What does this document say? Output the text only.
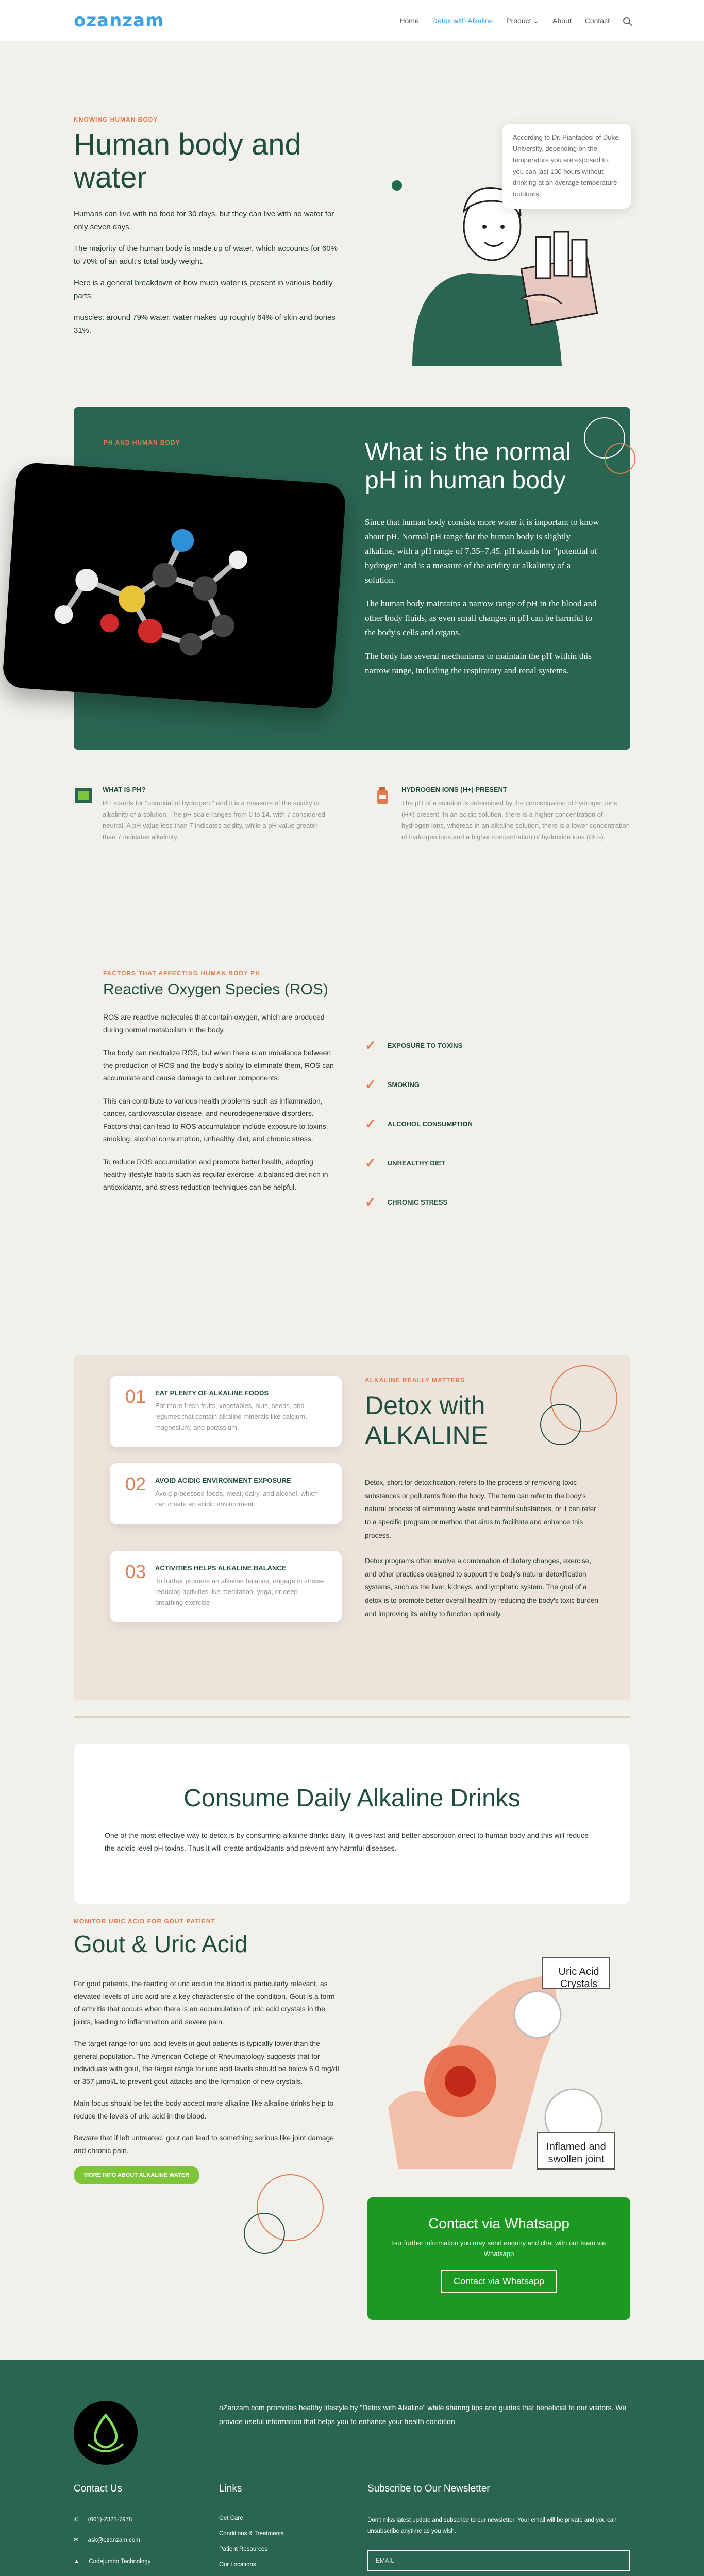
ozanzam	Home Detox with Alkaline Product ⌄ About Contact
KNOWING HUMAN BODY
Human body and water

Humans can live with no food for 30 days, but they can live with no water for only seven days.

The majority of the human body is made up of water, which accounts for 60% to 70% of an adult's total body weight.

Here is a general breakdown of how much water is present in various bodily parts:

muscles: around 79% water, water makes up roughly 64% of skin and bones 31%.

According to Dr. Piantadosi of Duke University, depending on the temperature you are exposed to, you can last 100 hours without drinking at an average temperature outdoors.
PH AND HUMAN BODY	What is the normal pH in human body

Since that human body consists more water it is important to know about pH. Normal pH range for the human body is slightly alkaline, with a pH range of 7.35–7.45. pH stands for "potential of hydrogen" and is a measure of the acidity or alkalinity of a solution.

The human body maintains a narrow range of pH in the blood and other body fluids, as even small changes in pH can be harmful to the body's cells and organs.

The body has several mechanisms to maintain the pH within this narrow range, including the respiratory and renal systems.

WHAT IS PH?

PH stands for "potential of hydrogen," and it is a measure of the acidity or alkalinity of a solution. The pH scale ranges from 0 to 14, with 7 considered neutral. A pH value less than 7 indicates acidity, while a pH value greater than 7 indicates alkalinity.

HYDROGEN IONS (H+) PRESENT

The pH of a solution is determined by the concentration of hydrogen ions (H+) present. In an acidic solution, there is a higher concentration of hydrogen ions, whereas in an alkaline solution, there is a lower concentration of hydrogen ions and a higher concentration of hydroxide ions (OH-).

FACTORS THAT AFFECTING HUMAN BODY PH
Reactive Oxygen Species (ROS)

ROS are reactive molecules that contain oxygen, which are produced during normal metabolism in the body.

The body can neutralize ROS, but when there is an imbalance between the production of ROS and the body's ability to eliminate them, ROS can accumulate and cause damage to cellular components.

This can contribute to various health problems such as inflammation, cancer, cardiovascular disease, and neurodegenerative disorders. Factors that can lead to ROS accumulation include exposure to toxins, smoking, alcohol consumption, unhealthy diet, and chronic stress.

To reduce ROS accumulation and promote better health, adopting healthy lifestyle habits such as regular exercise, a balanced diet rich in antioxidants, and stress reduction techniques can be helpful.

✓ EXPOSURE TO TOXINS
✓ SMOKING
✓ ALCOHOL CONSUMPTION
✓ UNHEALTHY DIET
✓ CHRONIC STRESS
01 EAT PLENTY OF ALKALINE FOODS

Eat more fresh fruits, vegetables, nuts, seeds, and legumes that contain alkaline minerals like calcium, magnesium, and potassium.

02 AVOID ACIDIC ENVIRONMENT EXPOSURE

Avoid processed foods, meat, dairy, and alcohol, which can create an acidic environment.

03 ACTIVITIES HELPS ALKALINE BALANCE

To further promote an alkaline balance, engage in stress-reducing activities like meditation, yoga, or deep breathing exercise

ALKALINE REALLY MATTERS
Detox with ALKALINE

Detox, short for detoxification, refers to the process of removing toxic substances or pollutants from the body. The term can refer to the body's natural process of eliminating waste and harmful substances, or it can refer to a specific program or method that aims to facilitate and enhance this process.

Detox programs often involve a combination of dietary changes, exercise, and other practices designed to support the body's natural detoxification systems, such as the liver, kidneys, and lymphatic system. The goal of a detox is to promote better overall health by reducing the body's toxic burden and improving its ability to function optimally.

Consume Daily Alkaline Drinks

One of the most effective way to detox is by consuming alkaline drinks daily. It gives fast and better absorption direct to human body and this will reduce the acidic level pH toxins. Thus it will create antioxidants and prevent any harmful diseases.

MONITOR URIC ACID FOR GOUT PATIENT
Gout & Uric Acid

For gout patients, the reading of uric acid in the blood is particularly relevant, as elevated levels of uric acid are a key characteristic of the condition. Gout is a form of arthritis that occurs when there is an accumulation of uric acid crystals in the joints, leading to inflammation and severe pain.

The target range for uric acid levels in gout patients is typically lower than the general population. The American College of Rheumatology suggests that for individuals with gout, the target range for uric acid levels should be below 6.0 mg/dL or 357 µmol/L to prevent gout attacks and the formation of new crystals.

Main focus should be let the body accept more alkaline like alkaline drinks help to reduce the levels of uric acid in the blood.

Beware that if left untreated, gout can lead to something serious like joint damage and chronic pain.

MORE INFO ABOUT ALKALINE WATER
Uric Acid Crystals
Inflamed and swollen joint
Contact via Whatsapp

For further information you may send enquiry and chat with our team via Whatsapp

Contact via Whatsapp

oZanzam.com promotes healthy lifestyle by "Detox with Alkaline" while sharing tips and guides that beneficial to our visitors. We provide useful information that helps you to enhance your health condition.

Contact Us
✆ (601)-2321-7978
✉ ask@ozanzam.com
▲ Codejumbo Technology
Links
Get Care
Conditions & Treatments
Patient Resources
Our Locations
Subscribe to Our Newsletter

Don't miss latest update and subscribe to our newsletter. Your email will be private and you can unsubscribe anytime as you wish.

EMAIL
